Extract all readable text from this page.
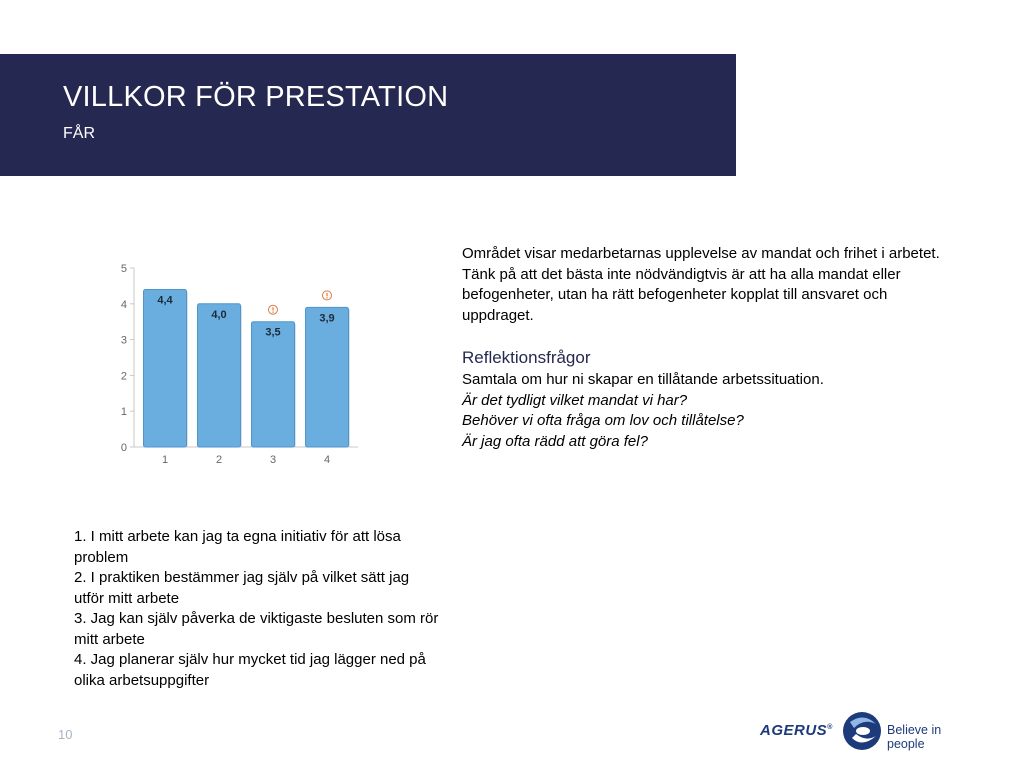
VILLKOR FÖR PRESTATION
FÅR
0
1
2
3
4
5
4,4
1
4,0
2
3,5
3
3,9
4
Området visar medarbetarnas upplevelse av mandat och frihet i arbetet. Tänk på att det bästa inte nödvändigtvis är att ha alla mandat eller befogenheter, utan ha rätt befogenheter kopplat till ansvaret och uppdraget.
Reflektionsfrågor
Samtala om hur ni skapar en tillåtande arbetssituation.
Är det tydligt vilket mandat vi har?
Behöver vi ofta fråga om lov och tillåtelse?
Är jag ofta rädd att göra fel?
1. I mitt arbete kan jag ta egna initiativ för att lösa problem
2. I praktiken bestämmer jag själv på vilket sätt jag utför mitt arbete
3. Jag kan själv påverka de viktigaste besluten som rör mitt arbete
4. Jag planerar själv hur mycket tid jag lägger ned på olika arbetsuppgifter
10	AGERUS®	Believe in people
